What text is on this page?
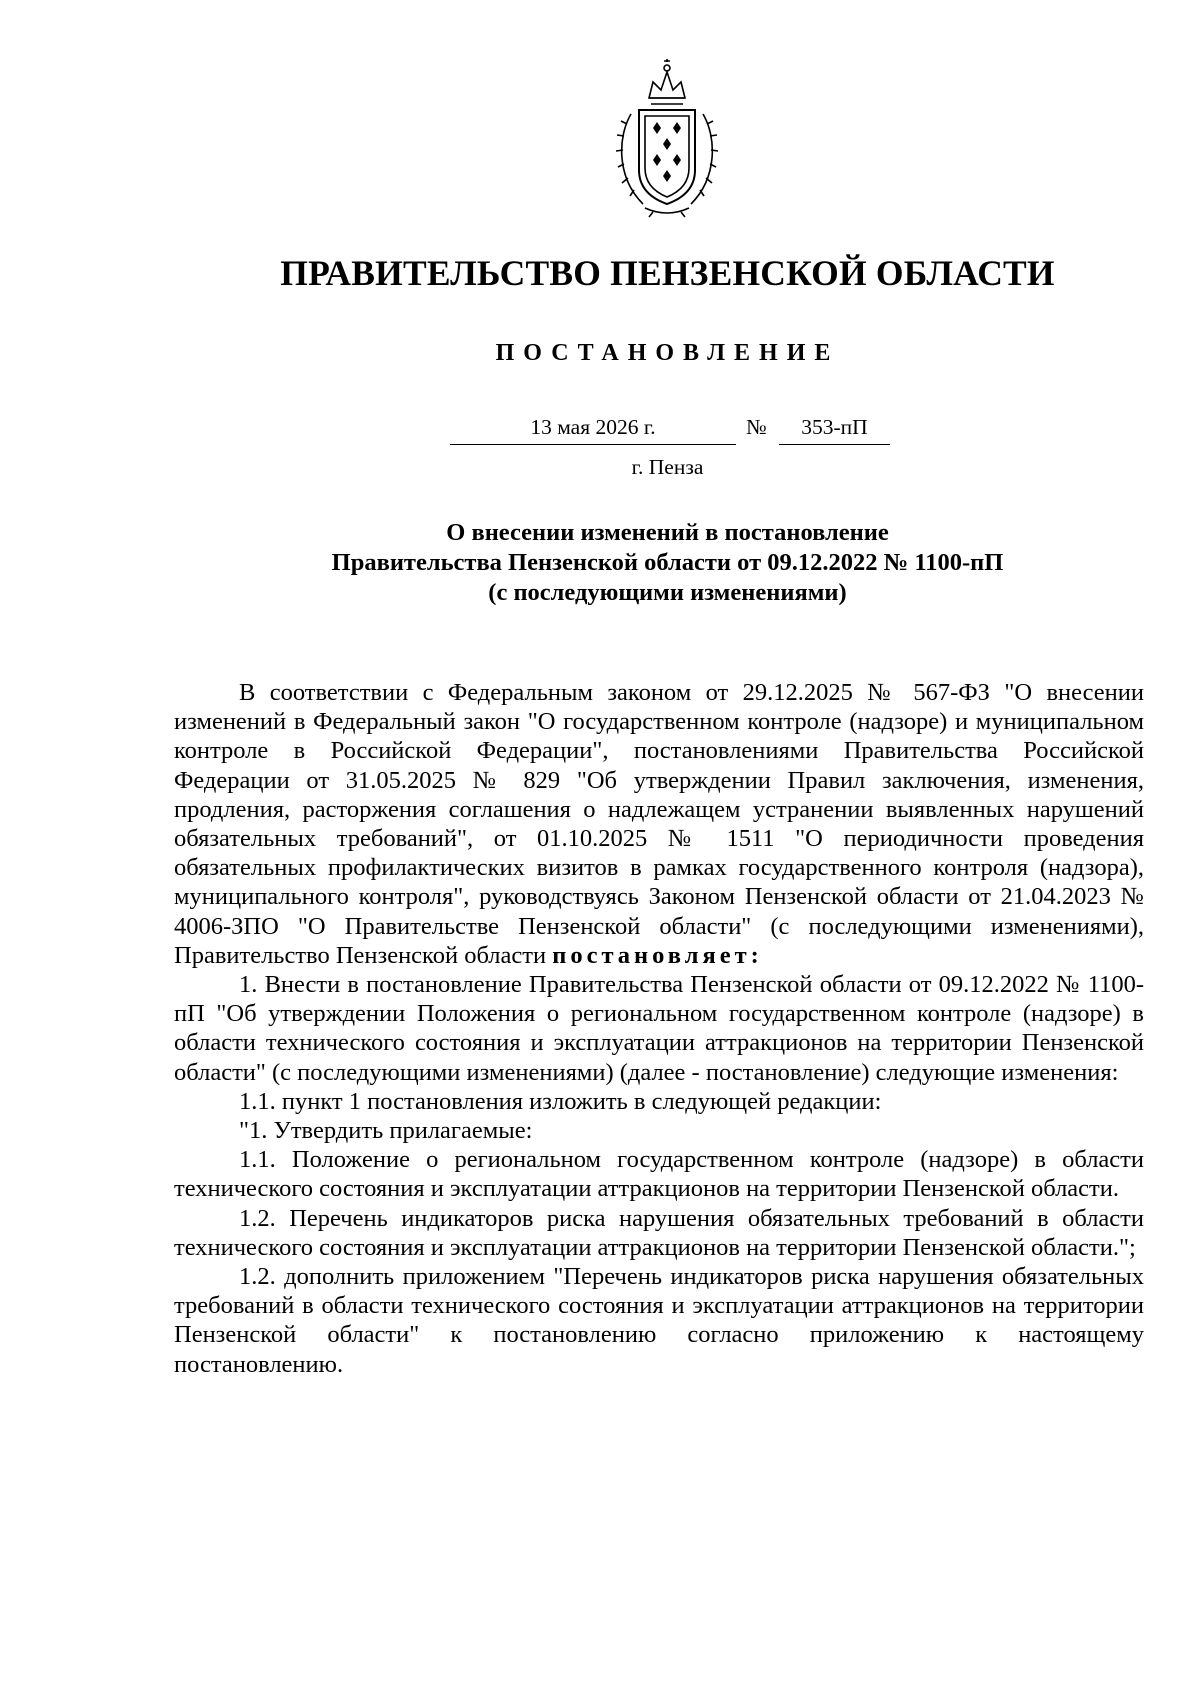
ПРАВИТЕЛЬСТВО ПЕНЗЕНСКОЙ ОБЛАСТИ
ПОСТАНОВЛЕНИЕ
13 мая 2026 г.	№	353-пП
г. Пенза
О внесении изменений в постановление
Правительства Пензенской области от 09.12.2022 № 1100-пП
(с последующими изменениями)

В соответствии с Федеральным законом от 29.12.2025 № 567-ФЗ "О внесении изменений в Федеральный закон "О государственном контроле (надзоре) и муниципальном контроле в Российской Федерации", постановлениями Правительства Российской Федерации от 31.05.2025 № 829 "Об утверждении Правил заключения, изменения, продления, расторжения соглашения о надлежащем устранении выявленных нарушений обязательных требований", от 01.10.2025 № 1511 "О периодичности проведения обязательных профилактических визитов в рамках государственного контроля (надзора), муниципального контроля", руководствуясь Законом Пензенской области от 21.04.2023 № 4006-ЗПО "О Правительстве Пензенской области" (с последующими изменениями), Правительство Пензенской области постановляет:

1. Внести в постановление Правительства Пензенской области от 09.12.2022 № 1100-пП "Об утверждении Положения о региональном государственном контроле (надзоре) в области технического состояния и эксплуатации аттракционов на территории Пензенской области" (с последующими изменениями) (далее - постановление) следующие изменения:

1.1. пункт 1 постановления изложить в следующей редакции:

"1. Утвердить прилагаемые:

1.1. Положение о региональном государственном контроле (надзоре) в области технического состояния и эксплуатации аттракционов на территории Пензенской области.

1.2. Перечень индикаторов риска нарушения обязательных требований в области технического состояния и эксплуатации аттракционов на территории Пензенской области.";

1.2. дополнить приложением "Перечень индикаторов риска нарушения обязательных требований в области технического состояния и эксплуатации аттракционов на территории Пензенской области" к постановлению согласно приложению к настоящему постановлению.
